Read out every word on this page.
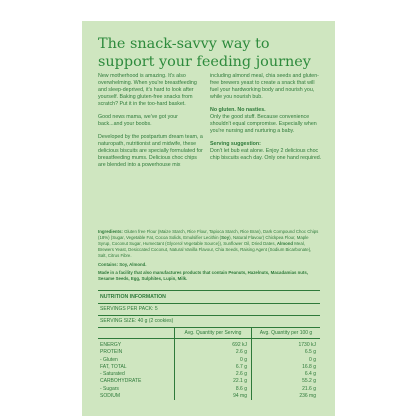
The snack-savvy way to support your feeding journey

New motherhood is amazing. It's also overwhelming. When you're breastfeeding and sleep-deprived, it's hard to look after yourself. Baking gluten-free snacks from scratch? Put it in the too-hard basket.

Good news mama, we've got your back...and your boobs.

Developed by the postpartum dream team, a naturopath, nutritionist and midwife, these delicious biscuits are specially formulated for breastfeeding mums. Delicious choc chips are blended into a powerhouse mix

including almond meal, chia seeds and gluten-free brewers yeast to create a snack that will fuel your hardworking body and nourish you, while you nourish bub.

No gluten. No nasties.

Only the good stuff. Because convenience shouldn't equal compromise. Especially when you're nursing and nurturing a baby.

Serving suggestion:

Don't let bub eat alone. Enjoy 2 delicious choc chip biscuits each day. Only one hand required.

Ingredients: Gluten free Flour (Maize Starch, Rice Flour, Tapioca Starch, Rice Bran), Dark Compound Choc Chips (18%) (Sugar, Vegetable Fat, Cocoa Solids, Emulsifier Lecithin (Soy), Natural Flavour) Chickpea Flour, Maple Syrup, Coconut Sugar, Humectant (Glycerol Vegetable Source)), Sunflower Oil, Dried Dates, Almond Meal, Brewers Yeast, Desiccated Coconut, Natural Vanilla Flavour, Chia Seeds, Raising Agent (Sodium Bicarbonate), Salt, Citrus Fibre.

Contains: Soy, Almond.

Made in a facility that also manufactures products that contain Peanuts, Hazelnuts, Macadamias nuts, Sesame Seeds, Egg, Sulphites, Lupin, Milk.

NUTRITION INFORMATION
SERVINGS PER PACK: 5
SERVING SIZE: 40 g (2 cookies)
Avg. Quantity per Serving	Avg. Quantity per 100 g
ENERGY
PROTEIN
- Gluten
FAT, TOTAL
- Saturated
CARBOHYDRATE
- Sugars
SODIUM
692 kJ
2.6 g
0 g
6.7 g
2.6 g
22.1 g
8.6 g
94 mg
1730 kJ
6.5 g
0 g
16.8 g
6.4 g
55.2 g
21.6 g
236 mg
